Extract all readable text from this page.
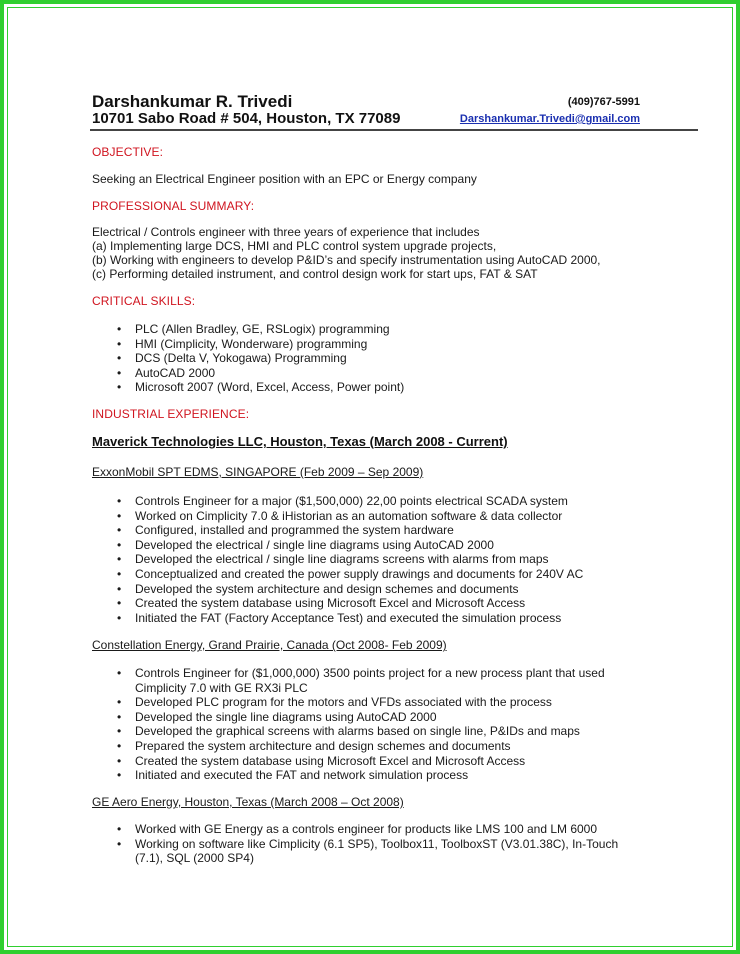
Darshankumar R. Trivedi
10701 Sabo Road # 504, Houston, TX 77089
(409)767-5991
Darshankumar.Trivedi@gmail.com
OBJECTIVE:
Seeking an Electrical Engineer position with an EPC or Energy company
PROFESSIONAL SUMMARY:
Electrical / Controls engineer with three years of experience that includes
(a) Implementing large DCS, HMI and PLC control system upgrade projects,
(b) Working with engineers to develop P&ID’s and specify instrumentation using AutoCAD 2000,
(c) Performing detailed instrument, and control design work for start ups, FAT & SAT
CRITICAL SKILLS:
• PLC (Allen Bradley, GE, RSLogix) programming
• HMI (Cimplicity, Wonderware) programming
• DCS (Delta V, Yokogawa) Programming
• AutoCAD 2000
• Microsoft 2007 (Word, Excel, Access, Power point)
INDUSTRIAL EXPERIENCE:
Maverick Technologies LLC, Houston, Texas (March 2008 - Current)
ExxonMobil SPT EDMS, SINGAPORE (Feb 2009 – Sep 2009)
• Controls Engineer for a major ($1,500,000) 22,00 points electrical SCADA system
• Worked on Cimplicity 7.0 & iHistorian as an automation software & data collector
• Configured, installed and programmed the system hardware
• Developed the electrical / single line diagrams using AutoCAD 2000
• Developed the electrical / single line diagrams screens with alarms from maps
• Conceptualized and created the power supply drawings and documents for 240V AC
• Developed the system architecture and design schemes and documents
• Created the system database using Microsoft Excel and Microsoft Access
• Initiated the FAT (Factory Acceptance Test) and executed the simulation process
Constellation Energy, Grand Prairie, Canada (Oct 2008- Feb 2009)
• Controls Engineer for ($1,000,000) 3500 points project for a new process plant that used
Cimplicity 7.0 with GE RX3i PLC
• Developed PLC program for the motors and VFDs associated with the process
• Developed the single line diagrams using AutoCAD 2000
• Developed the graphical screens with alarms based on single line, P&IDs and maps
• Prepared the system architecture and design schemes and documents
• Created the system database using Microsoft Excel and Microsoft Access
• Initiated and executed the FAT and network simulation process
GE Aero Energy, Houston, Texas (March 2008 – Oct 2008)
• Worked with GE Energy as a controls engineer for products like LMS 100 and LM 6000
• Working on software like Cimplicity (6.1 SP5), Toolbox11, ToolboxST (V3.01.38C), In-Touch
(7.1), SQL (2000 SP4)
